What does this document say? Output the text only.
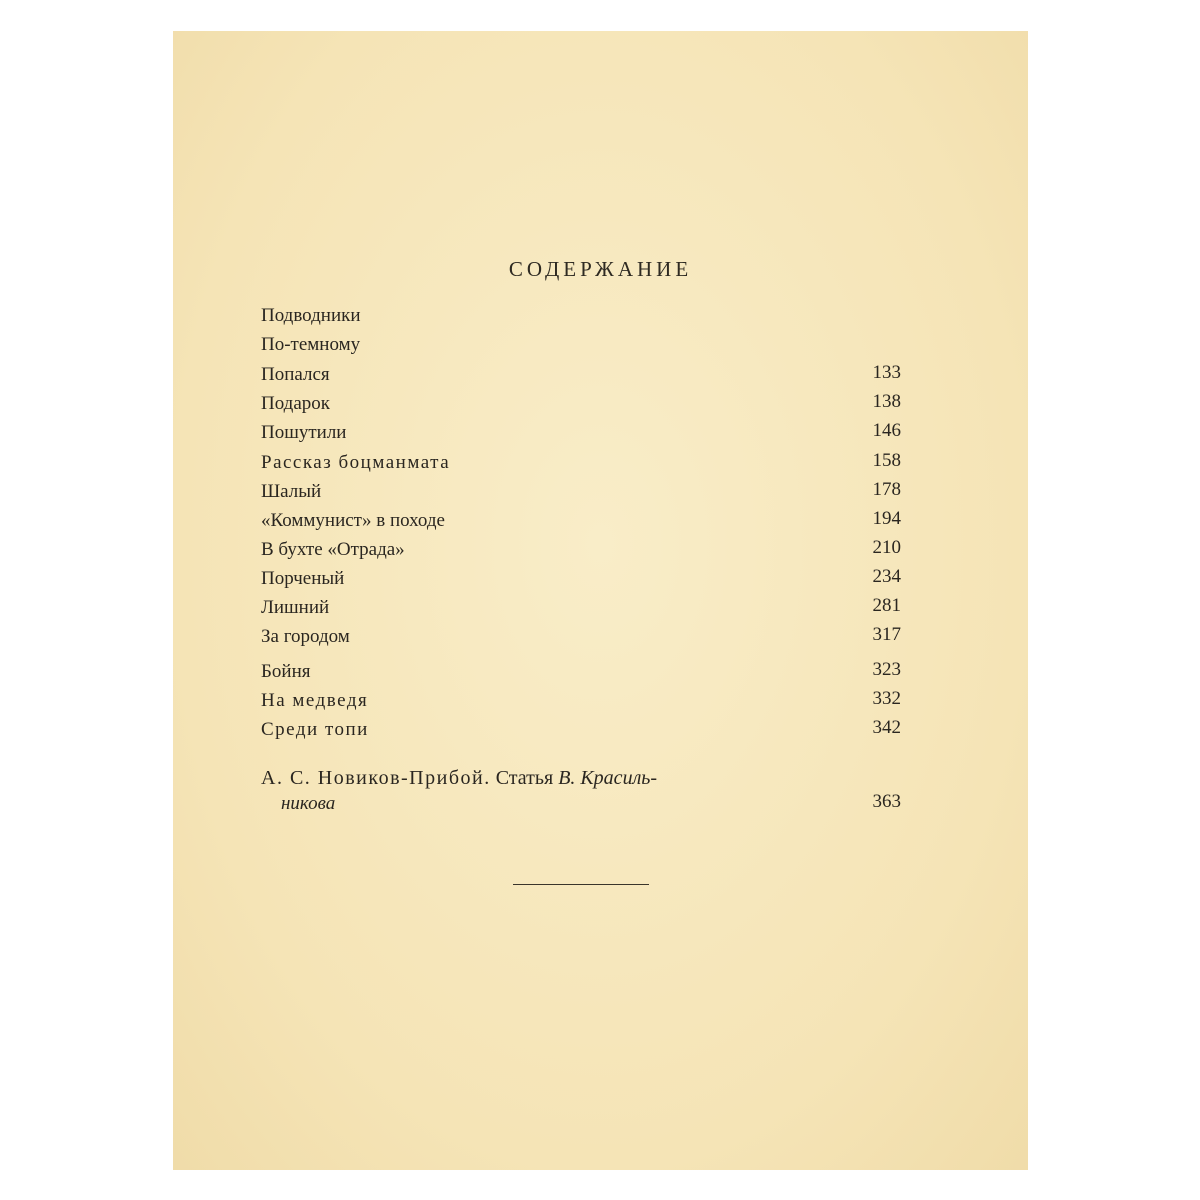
СОДЕРЖАНИЕ
Подводники
По-темному
Попался	133
Подарок	138
Пошутили	146
Рассказ боцманмата	158
Шалый	178
«Коммунист» в походе	194
В бухте «Отрада»	210
Порченый	234
Лишний	281
За городом	317
Бойня	323
На медведя	332
Среди топи	342
А. С. Новиков-Прибой. Статья В. Красиль-
никова	363
